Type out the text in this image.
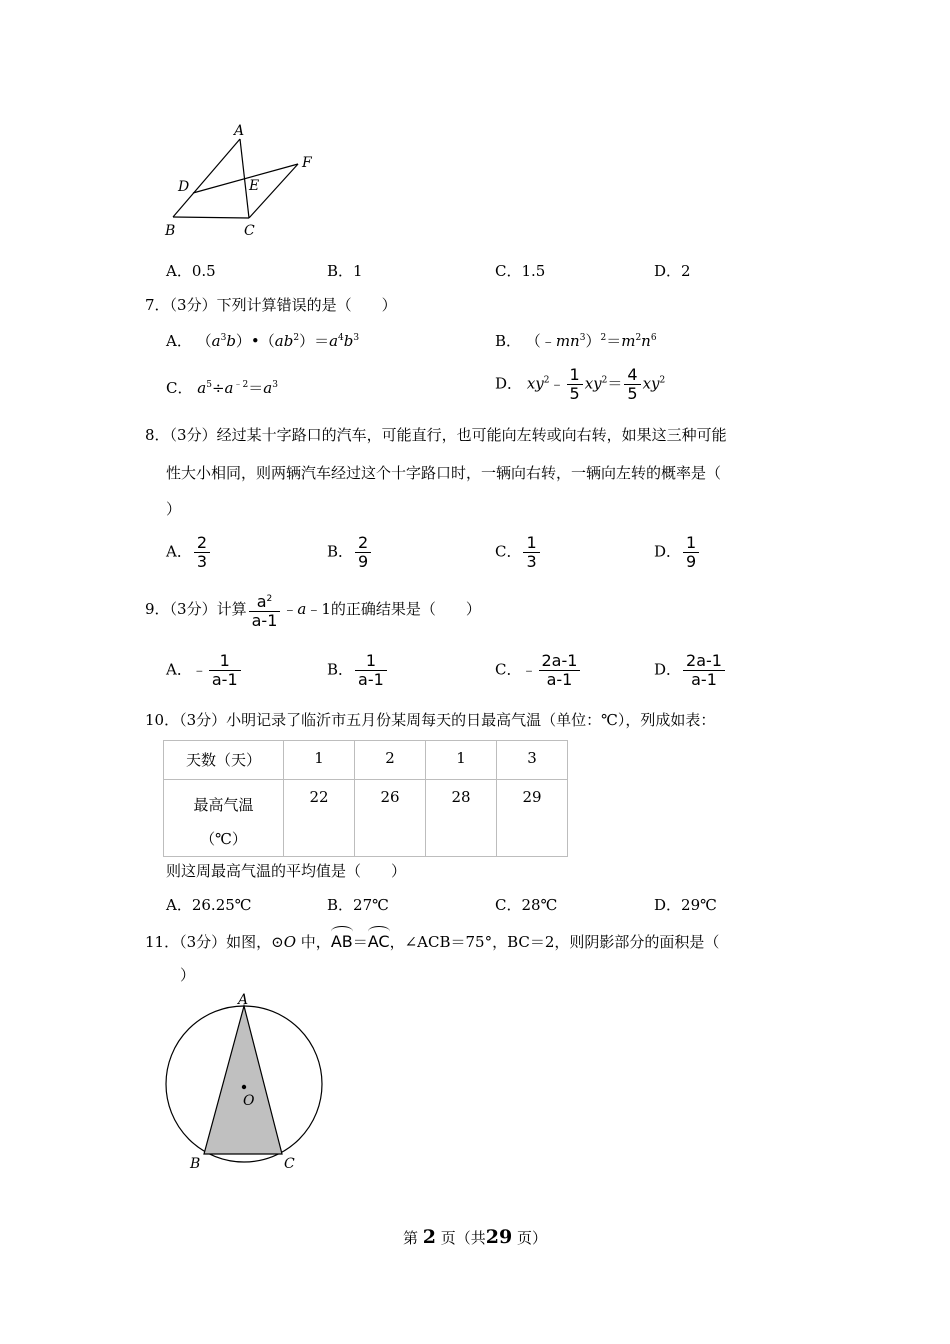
A
B	C
D	E
F
A．0.5	B．1	C．1.5	D．2
7．（3分）下列计算错误的是（　　）
A． $(a^3b)•(ab^2)=a^4b^3$	B． $(﹣mn^3)^2=m^2n^6$
C． $a^5\div a^{﹣2}=a^3$	D． $xy^2﹣ \frac{1}{5} xy^2= \frac{4}{5} xy^2$
8．（3分）经过某十字路口的汽车，可能直行，也可能向左转或向右转，如果这三种可能
性大小相同，则两辆汽车经过这个十字路口时，一辆向右转，一辆向左转的概率是（
）
A． $\frac{2}{3}$	B． $\frac{2}{9}$	C． $\frac{1}{3}$	D． $\frac{1}{9}$
9．（3分）计算 $\frac{a^2}{a-1}$ ﹣a﹣1的正确结果是（　　）
A．﹣ $\frac{1}{a-1}$	B． $\frac{1}{a-1}$	C．﹣ $\frac{2a-1}{a-1}$	D． $\frac{2a-1}{a-1}$
10．（3分）小明记录了临沂市五月份某周每天的日最高气温（单位：℃），列成如表：
天数（天）	1	2	1	3

最高气温
（℃）	22	26	28	29
则这周最高气温的平均值是（　　）
A．26.25℃	B．27℃	C．28℃	D．29℃
11．（3分）如图，⊙O 中，AB＝AC，∠ACB＝75°，BC＝2，则阴影部分的面积是（
）
A
B	C
O
第 2 页（共29 页）
